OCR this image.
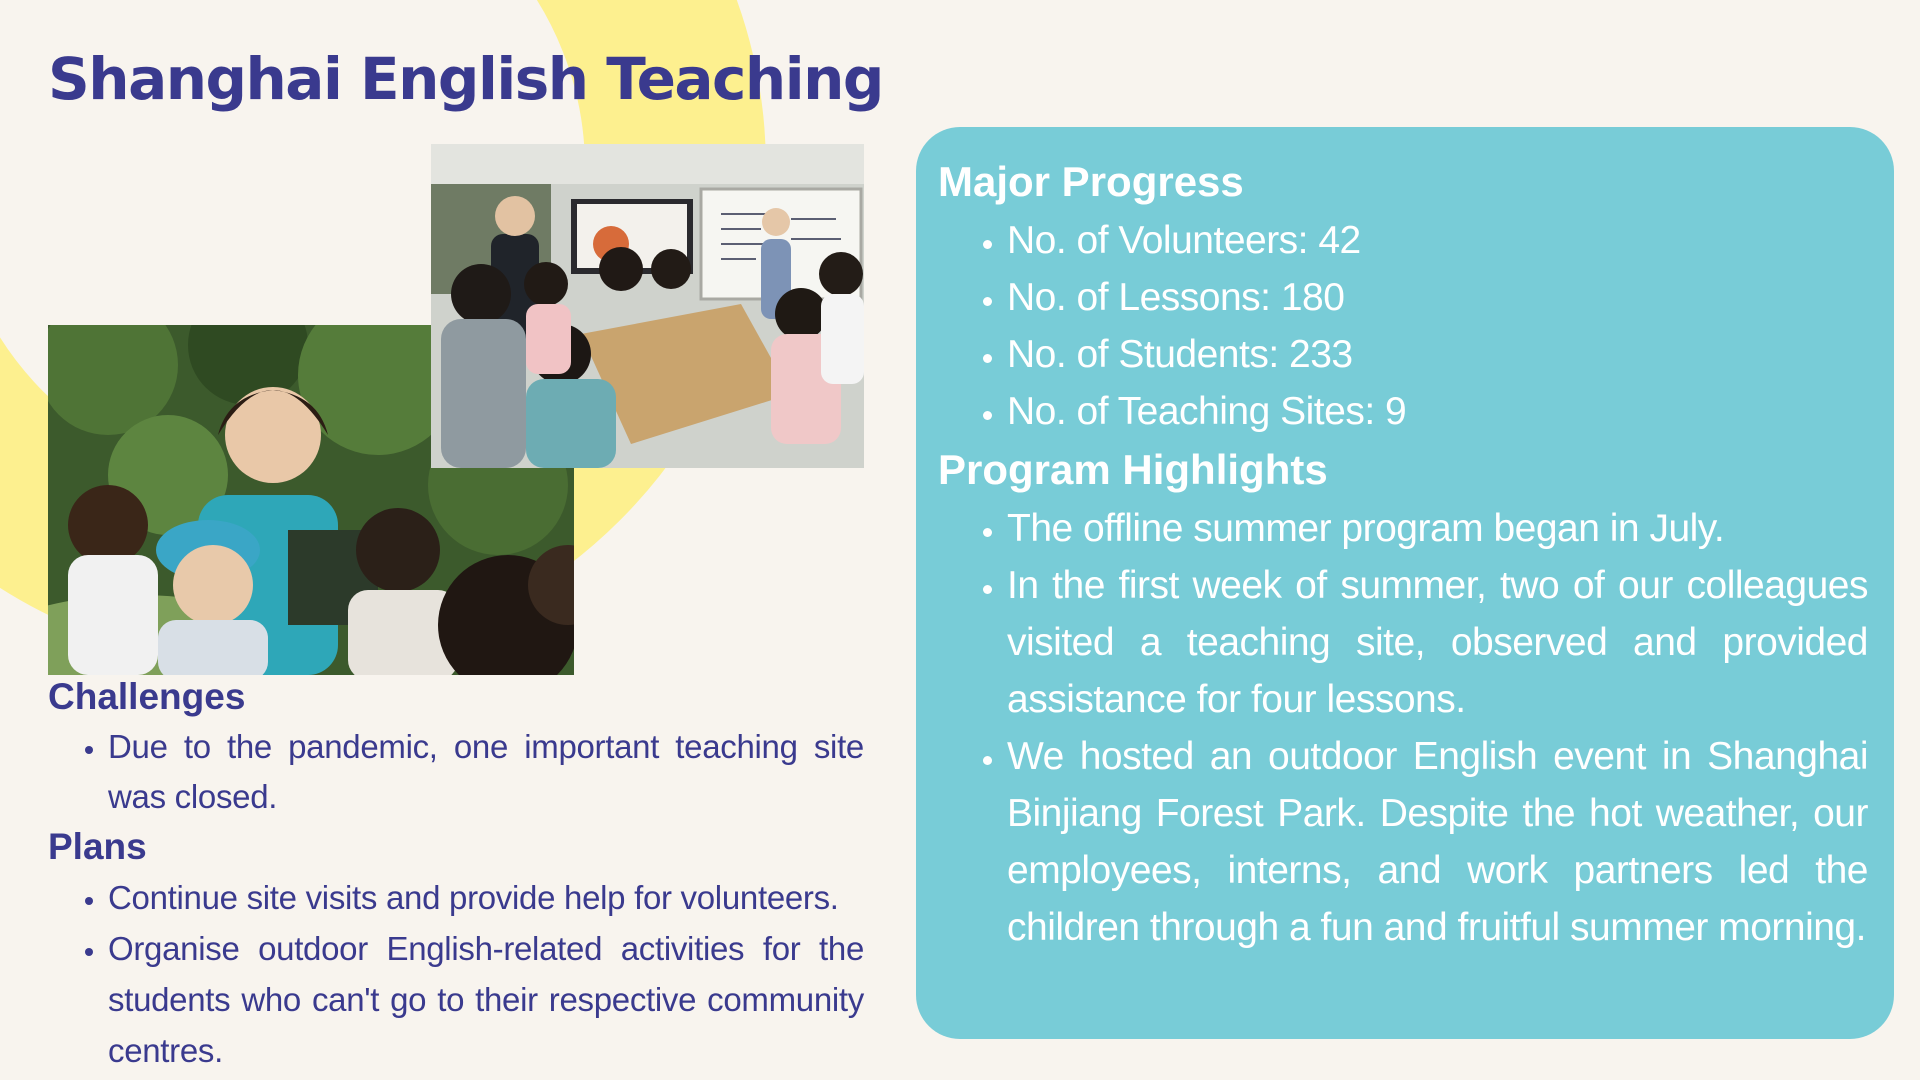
Shanghai English Teaching
Challenges
• Due to the pandemic, one important teaching site was closed.
Plans
• Continue site visits and provide help for volunteers.
• Organise outdoor English-related activities for the students who can't go to their respective community centres.
Major Progress
• No. of Volunteers: 42
• No. of Lessons: 180
• No. of Students: 233
• No. of Teaching Sites: 9
Program Highlights
• The offline summer program began in July.
• In the first week of summer, two of our colleagues visited a teaching site, observed and provided assistance for four lessons.
• We hosted an outdoor English event in Shanghai Binjiang Forest Park. Despite the hot weather, our employees, interns, and work partners led the children through a fun and fruitful summer morning.
